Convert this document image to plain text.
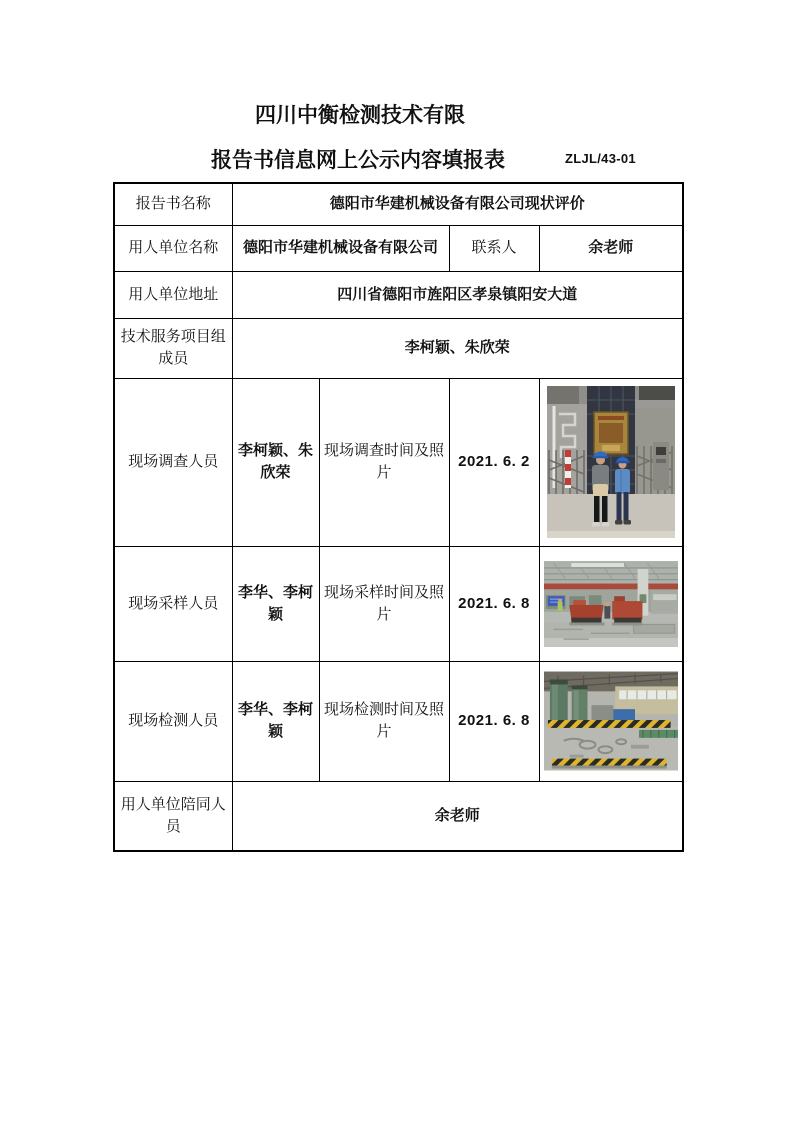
四川中衡检测技术有限
报告书信息网上公示内容填报表	ZLJL/43-01
报告书名称	德阳市华建机械设备有限公司现状评价			
用人单位名称	德阳市华建机械设备有限公司		联系人	余老师
用人单位地址	四川省德阳市旌阳区孝泉镇阳安大道			
技术服务项目组成员	李柯颖、朱欣荣			
现场调查人员	李柯颖、朱欣荣	现场调查时间及照片	2021. 6. 2	

现场采样人员	李华、李柯颖	现场采样时间及照片	2021. 6. 8	

现场检测人员	李华、李柯颖	现场检测时间及照片	2021. 6. 8	

用人单位陪同人员	余老师			
